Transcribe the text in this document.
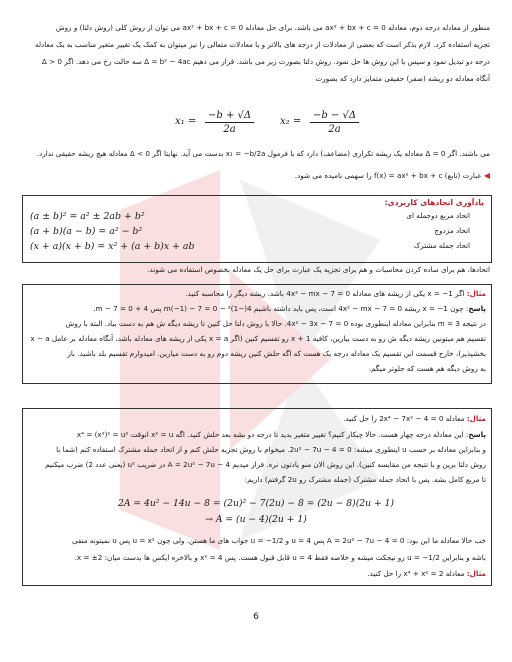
منظور از معادله درجه دوم، معادله ax² + bx + c = 0 می باشد. برای حل معادله ax² + bx + c = 0 می توان از روش کلی (روش دلتا) و روش
تجزیه استفاده کرد. لازم بذکر است که بعضی از معادلات از درجه های بالاتر و یا معادلات متعالی را نیز میتوان به کمک یک تغییر متغیر مناسب به یک معادله
درجه دو تبدیل نمود و سپس با این روش ها حل نمود. روش دلتا بصورت زیر می باشد. قرار می دهیم Δ = b² − 4ac سه حالت رخ می دهد. اگر Δ > 0
آنگاه معادله دو ریشه (صفر) حقیقی متمایز دارد که بصورت
x₁ =
−b + √Δ
2a
x₂ =
−b − √Δ
2a
می باشند. اگر Δ = 0 معادله یک ریشه تکراری (مضاعف) دارد که با فرمول x₁ = −b/2a بدست می آید. نهایتا اگر Δ < 0 معادله هیچ ریشه حقیقی ندارد.
◀ عبارت (تابع) f(x) = ax² + bx + c را سهمی نامیده می شود.
یادآوری اتحادهای کاربردی:
اتحاد مربع دوجمله ای
(a ± b)² = a² ± 2ab + b²
اتحاد مزدوج
(a + b)(a − b) = a² − b²
اتحاد جمله مشترک
(x + a)(x + b) = x² + (a + b)x + ab
اتحادها، هم برای ساده کردن محاسبات و هم برای تجزیه یک عبارت برای حل یک معادله بخصوص استفاده می شوند.
مثال: اگر x = −1 یکی از ریشه های معادله 4x² − mx − 7 = 0 باشد، ریشه دیگر را محاسبه کنید.
پاسخ: چون x = −1 ریشه 4x² − mx − 7 = 0 است، پس باید داشته باشیم 4(−1)² − m(−1) − 7 = 0 پس 4 + m − 7 = 0.
در نتیجه m = 3 بنابراین معادله اینطوری بوده 4x² − 3x − 7 = 0. حالا با روش دلتا حل کنین تا ریشه دیگه ش هم به دست بیاد. البته با روش
تقسیم هم میتونین ریشه دیگه ش رو به دست بیارین، کافیه x + 1 رو تقسیم کنین (اگر x = a یکی از ریشه های معادله باشد، آنگاه معادله بر عامل x − a
بخشپذیر)، خارج قسمت این تقسیم یک معادله درجه یک هست که اگه حلش کنین ریشه دوم رو به دست میارین. امیدوارم تقسیم بلد باشید. باز
به روش دیگه هم هست که جلوتر میگم.
مثال: معادله 2x⁴ − 7x² − 4 = 0 را حل کنید.
پاسخ: این معادله درجه چهار هست. حالا چیکار کنیم؟ تغییر متغیر بدید تا درجه دو بشه بعد حلش کنید. اگه x² = u انوقت x⁴ = (x²)² = u²
و بنابراین معادله بر حسب u اینطوری میشه: 2u² − 7u − 4 = 0. میخوام با روش تجزیه حلش کنم و از اتحاد جمله مشترک استفاده کنم (شما با
روش دلتا برین و با نتیجه من مقایسه کنین). این روش الان منو یادتون نره. قرار میدیم A = 2u² − 7u − 4 در ضریب u² (یعنی عدد 2) ضرب میکنیم
تا مربع کامل بشه. پس با اتحاد جمله مشترک (جمله مشترک رو 2u گرفتم) داریم:
2A = 4u² − 14u − 8 = (2u)² − 7(2u) − 8 = (2u − 8)(2u + 1)
→ A = (u − 4)(2u + 1)
خب حالا معادله ما این بود: A = 2u² − 7u − 4 = 0 پس u = 4 و u = −1/2 جواب های ما هستن. ولی چون u = x² پس u نمیتونه منفی
باشه و بنابراین u = −1/2 رو نیجکت میشه و خلاصه فقط u = 4 قابل قبول هست. پس x² = 4 و بالاخره ایکس ها بدست میان: x = ±2.
مثال: معادله x⁴ + x² = 2 را حل کنید.
6
